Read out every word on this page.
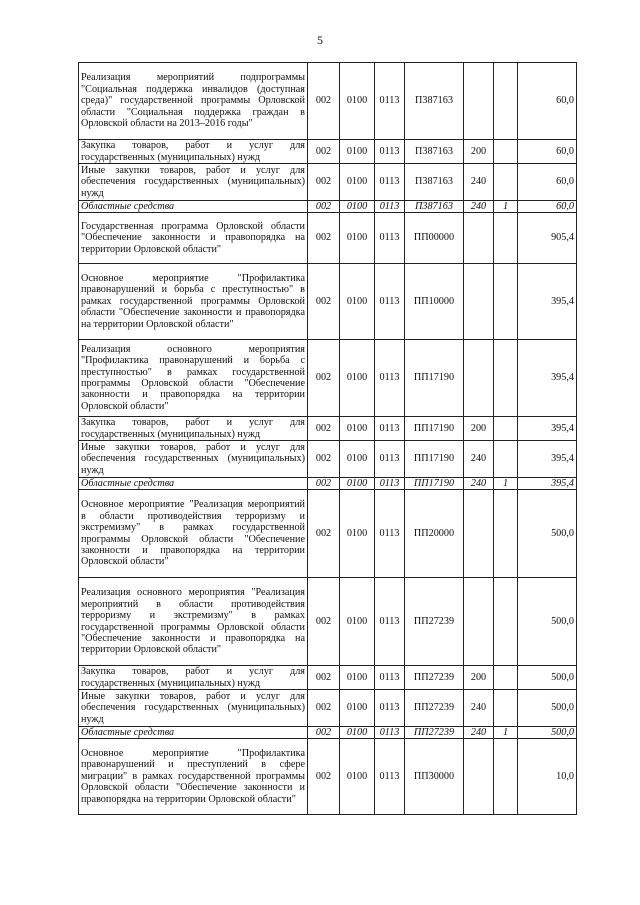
5
Реализация мероприятий подпрограммы "Социальная поддержка инвалидов (доступная среда)" государственной программы Орловской области "Социальная поддержка граждан в Орловской области на 2013–2016 годы"	002	0100	0113	П387163			60,0
Закупка товаров, работ и услуг для государственных (муниципальных) нужд	002	0100	0113	П387163	200		60,0
Иные закупки товаров, работ и услуг для обеспечения государственных (муниципальных) нужд	002	0100	0113	П387163	240		60,0
Областные средства	002	0100	0113	П387163	240	1	60,0
Государственная программа Орловской области "Обеспечение законности и правопорядка на территории Орловской области"	002	0100	0113	ПП00000			905,4
Основное мероприятие "Профилактика правонарушений и борьба с преступностью" в рамках государственной программы Орловской области "Обеспечение законности и правопорядка на территории Орловской области"	002	0100	0113	ПП10000			395,4
Реализация основного мероприятия "Профилактика правонарушений и борьба с преступностью" в рамках государственной программы Орловской области "Обеспечение законности и правопорядка на территории Орловской области"	002	0100	0113	ПП17190			395,4
Закупка товаров, работ и услуг для государственных (муниципальных) нужд	002	0100	0113	ПП17190	200		395,4
Иные закупки товаров, работ и услуг для обеспечения государственных (муниципальных) нужд	002	0100	0113	ПП17190	240		395,4
Областные средства	002	0100	0113	ПП17190	240	1	395,4
Основное мероприятие "Реализация мероприятий в области противодействия терроризму и экстремизму" в рамках государственной программы Орловской области "Обеспечение законности и правопорядка на территории Орловской области"	002	0100	0113	ПП20000			500,0
Реализация основного мероприятия "Реализация мероприятий в области противодействия терроризму и экстремизму" в рамках государственной программы Орловской области "Обеспечение законности и правопорядка на территории Орловской области"	002	0100	0113	ПП27239			500,0
Закупка товаров, работ и услуг для государственных (муниципальных) нужд	002	0100	0113	ПП27239	200		500,0
Иные закупки товаров, работ и услуг для обеспечения государственных (муниципальных) нужд	002	0100	0113	ПП27239	240		500,0
Областные средства	002	0100	0113	ПП27239	240	1	500,0
Основное мероприятие "Профилактика правонарушений и преступлений в сфере миграции" в рамках государственной программы Орловской области "Обеспечение законности и правопорядка на территории Орловской области"	002	0100	0113	ПП30000			10,0
